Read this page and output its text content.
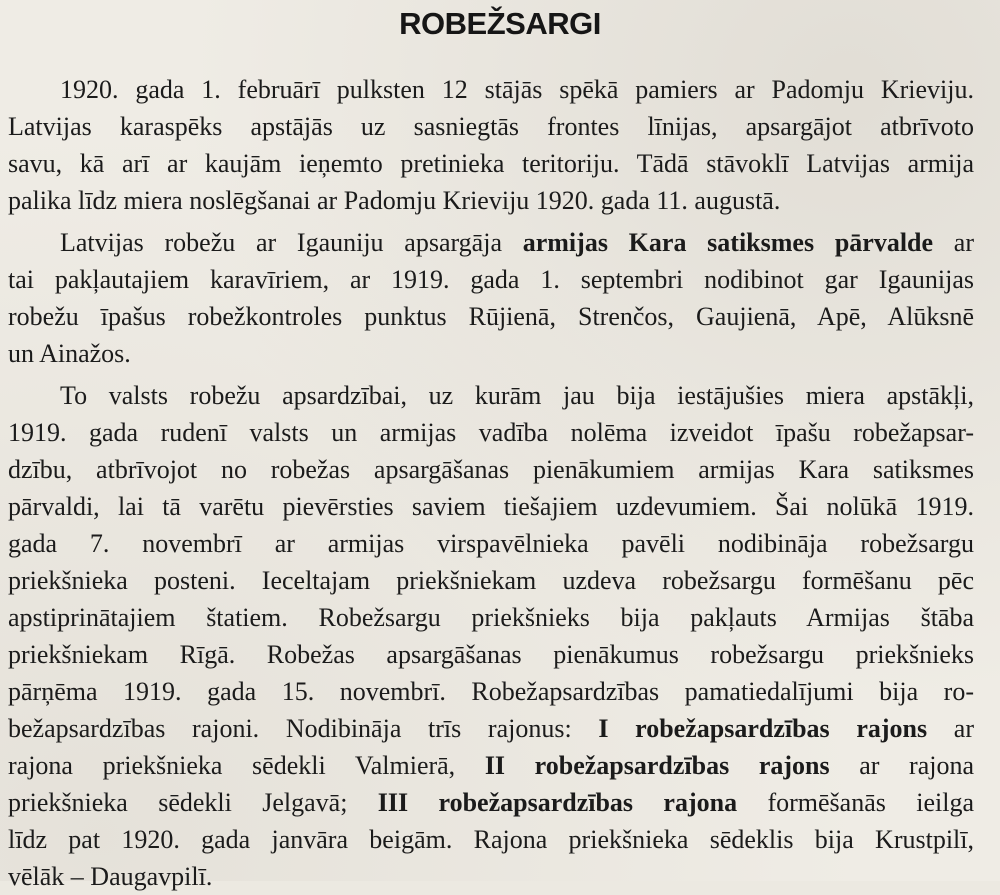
ROBEŽSARGI
1920. gada 1. februārī pulksten 12 stājās spēkā pamiers ar Padomju Krieviju.
Latvijas karaspēks apstājās uz sasniegtās frontes līnijas, apsargājot atbrīvoto
savu, kā arī ar kaujām ieņemto pretinieka teritoriju. Tādā stāvoklī Latvijas armija
palika līdz miera noslēgšanai ar Padomju Krieviju 1920. gada 11. augustā.
Latvijas robežu ar Igauniju apsargāja armijas Kara satiksmes pārvalde ar
tai pakļautajiem karavīriem, ar 1919. gada 1. septembri nodibinot gar Igaunijas
robežu īpašus robežkontroles punktus Rūjienā, Strenčos, Gaujienā, Apē, Alūksnē
un Ainažos.
To valsts robežu apsardzībai, uz kurām jau bija iestājušies miera apstākļi,
1919. gada rudenī valsts un armijas vadība nolēma izveidot īpašu robežapsar-
dzību, atbrīvojot no robežas apsargāšanas pienākumiem armijas Kara satiksmes
pārvaldi, lai tā varētu pievērsties saviem tiešajiem uzdevumiem. Šai nolūkā 1919.
gada 7. novembrī ar armijas virspavēlnieka pavēli nodibināja robežsargu
priekšnieka posteni. Ieceltajam priekšniekam uzdeva robežsargu formēšanu pēc
apstiprinātajiem štatiem. Robežsargu priekšnieks bija pakļauts Armijas štāba
priekšniekam Rīgā. Robežas apsargāšanas pienākumus robežsargu priekšnieks
pārņēma 1919. gada 15. novembrī. Robežapsardzības pamatiedalījumi bija ro-
bežapsardzības rajoni. Nodibināja trīs rajonus: I robežapsardzības rajons ar
rajona priekšnieka sēdekli Valmierā, II robežapsardzības rajons ar rajona
priekšnieka sēdekli Jelgavā; III robežapsardzības rajona formēšanās ieilga
līdz pat 1920. gada janvāra beigām. Rajona priekšnieka sēdeklis bija Krustpilī,
vēlāk – Daugavpilī.
